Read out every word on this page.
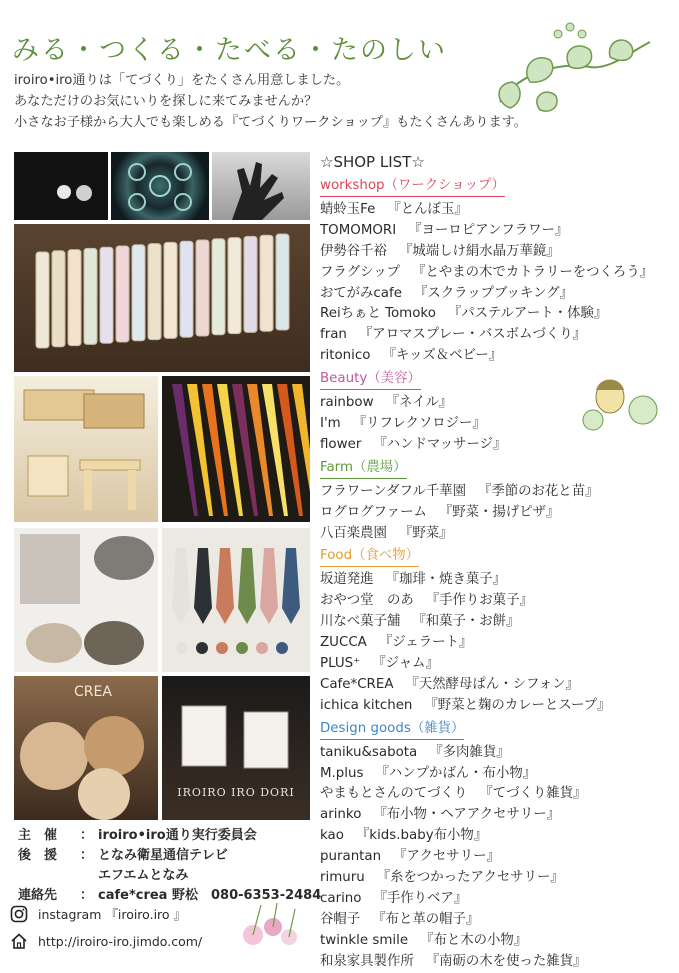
みる・つくる・たべる・たのしい
iroiro•iro通りは「てづくり」をたくさん用意しました。
あなただけのお気にいりを探しに来てみませんか？
小さなお子様から大人でも楽しめる『てづくりワークショップ』もたくさんあります。
CREA
IROIRO IRO DORI
☆SHOP LIST☆
workshop（ワークショップ）
蜻蛉玉Fe 『とんぼ玉』
TOMOMORI 『ヨーロピアンフラワー』
伊勢谷千裕 『城端しけ絹水晶万華鏡』
フラグシップ 『とやまの木でカトラリーをつくろう』
おてがみcafe 『スクラップブッキング』
Reiちぁと Tomoko 『パステルアート・体験』
fran 『アロマスプレー・バスボムづくり』
ritonico 『キッズ＆ベビー』
Beauty（美容）
rainbow 『ネイル』
I'm 『リフレクソロジー』
flower 『ハンドマッサージ』
Farm（農場）
フラワーンダフル千華園 『季節のお花と苗』
ログログファーム 『野菜・揚げピザ』
八百楽農園 『野菜』
Food（食べ物）
坂道発進 『珈琲・焼き菓子』
おやつ堂　のあ 『手作りお菓子』
川なべ菓子舗 『和菓子・お餅』
ZUCCA 『ジェラート』
PLUS⁺ 『ジャム』
Cafe*CREA 『天然酵母ぱん・シフォン』
ichica kitchen 『野菜と麹のカレーとスープ』
Design goods（雑貨）
taniku&sabota 『多肉雑貨』
M.plus 『ハンプかばん・布小物』
やまもとさんのてづくり 『てづくり雑貨』
arinko 『布小物・ヘアアクセサリー』
kao 『kids.baby布小物』
purantan 『アクセサリー』
rimuru 『糸をつかったアクセサリー』
carino 『手作りベア』
谷帽子 『布と革の帽子』
twinkle smile 『布と木の小物』
和泉家具製作所 『南砺の木を使った雑貨』
主　催	： iroiro•iro通り実行委員会
後　援	： となみ衛星通信テレビ
エフエムとなみ
連絡先	： cafe*crea 野松　080-6353-2484
instagram 『iroiro.iro 』
http://iroiro-iro.jimdo.com/
